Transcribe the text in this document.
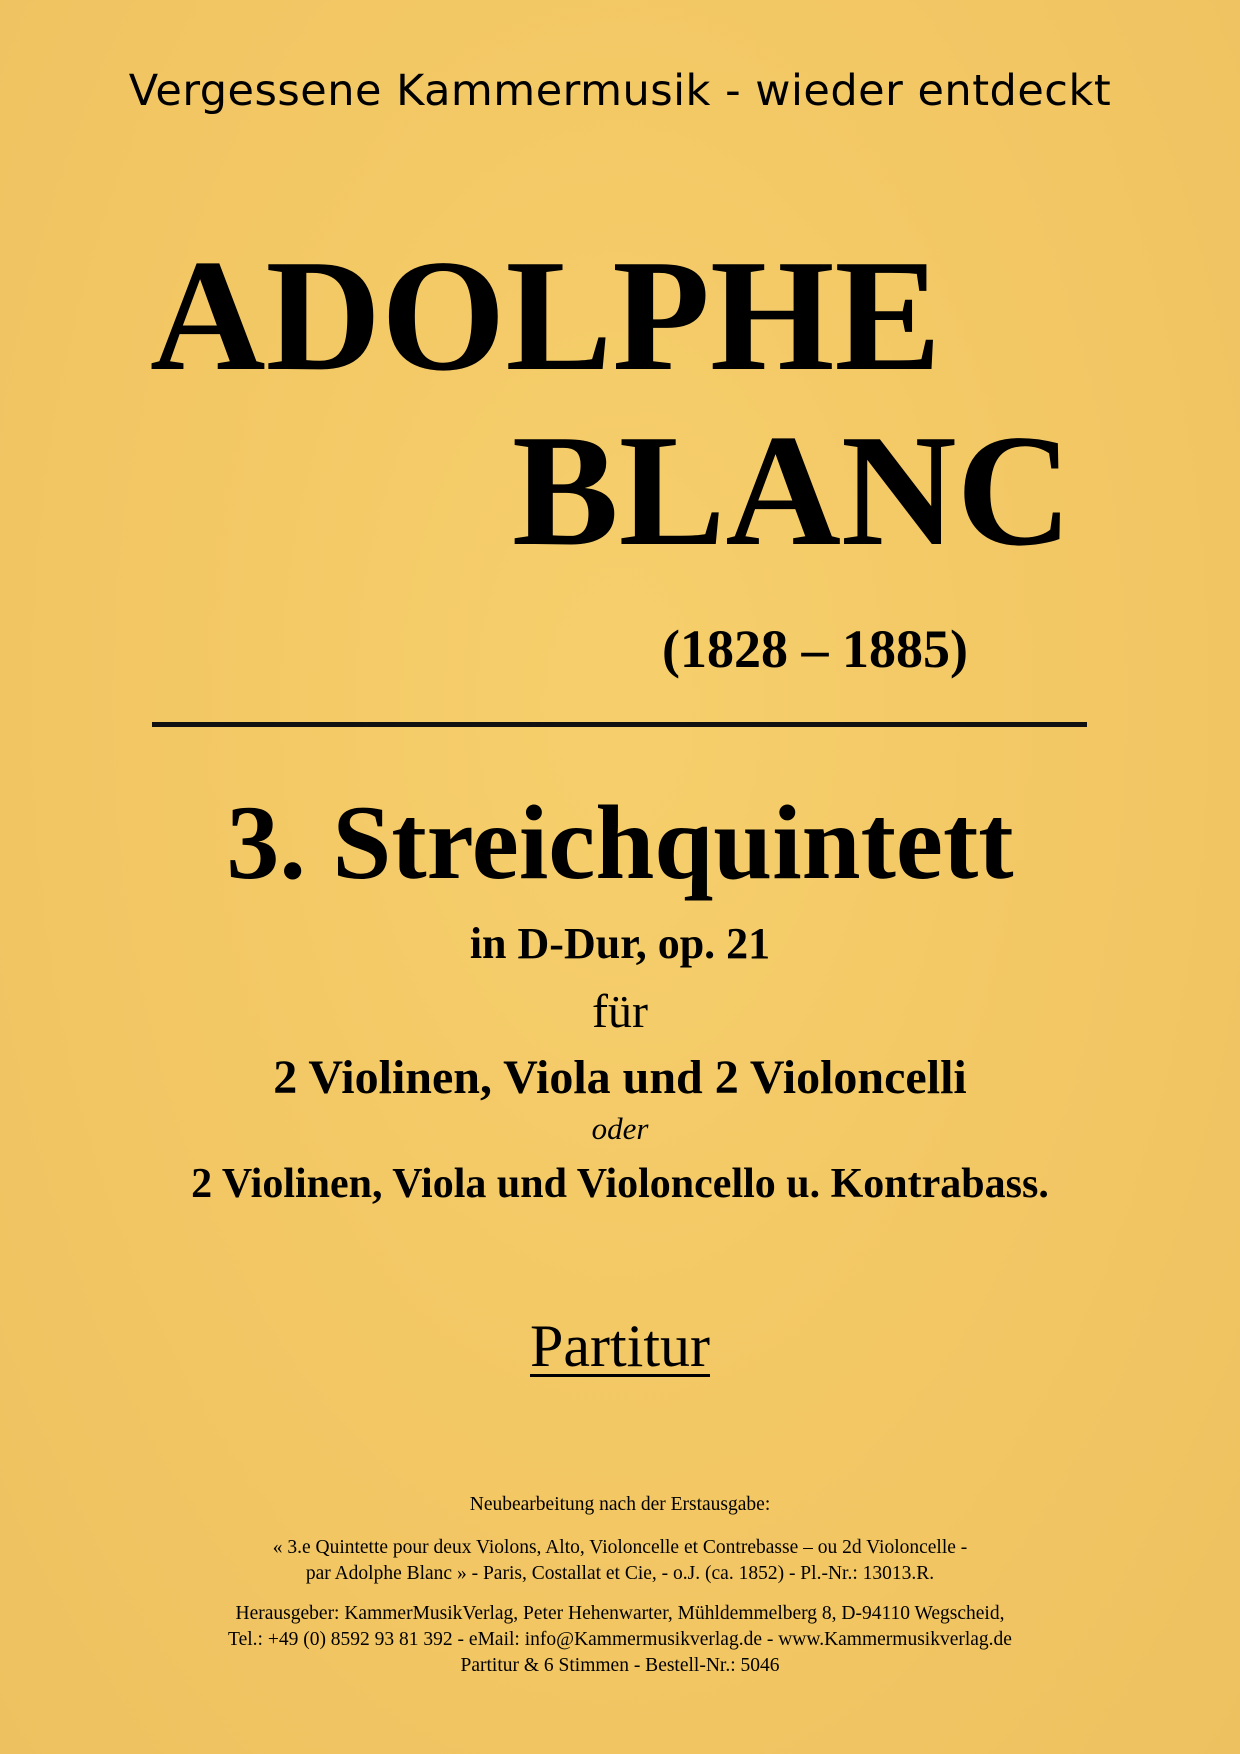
Vergessene Kammermusik - wieder entdeckt
ADOLPHE
BLANC
(1828 – 1885)
3. Streichquintett
in D-Dur, op. 21
für
2 Violinen, Viola und 2 Violoncelli
oder
2 Violinen, Viola und Violoncello u. Kontrabass.
Partitur
Neubearbeitung nach der Erstausgabe:
« 3.e Quintette pour deux Violons, Alto, Violoncelle et Contrebasse – ou 2d Violoncelle -
par Adolphe Blanc » - Paris, Costallat et Cie, - o.J. (ca. 1852) - Pl.-Nr.: 13013.R.
Herausgeber: KammerMusikVerlag, Peter Hehenwarter, Mühldemmelberg 8, D-94110 Wegscheid,
Tel.: +49 (0) 8592 93 81 392 - eMail: info@Kammermusikverlag.de - www.Kammermusikverlag.de
Partitur & 6 Stimmen - Bestell-Nr.: 5046
